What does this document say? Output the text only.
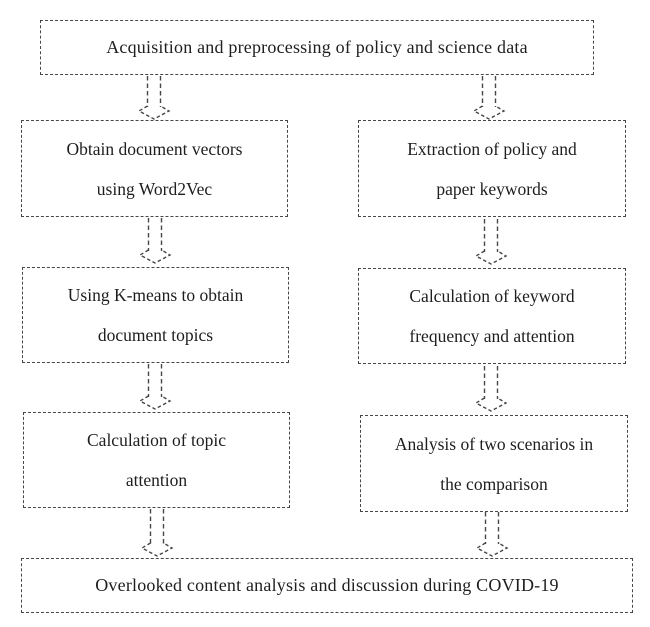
Acquisition and preprocessing of policy and science data
Obtain document vectors
using Word2Vec
Extraction of policy and
paper keywords
Using K-means to obtain
document topics
Calculation of keyword
frequency and attention
Calculation of topic
attention
Analysis of two scenarios in
the comparison
Overlooked content analysis and discussion during COVID-19
